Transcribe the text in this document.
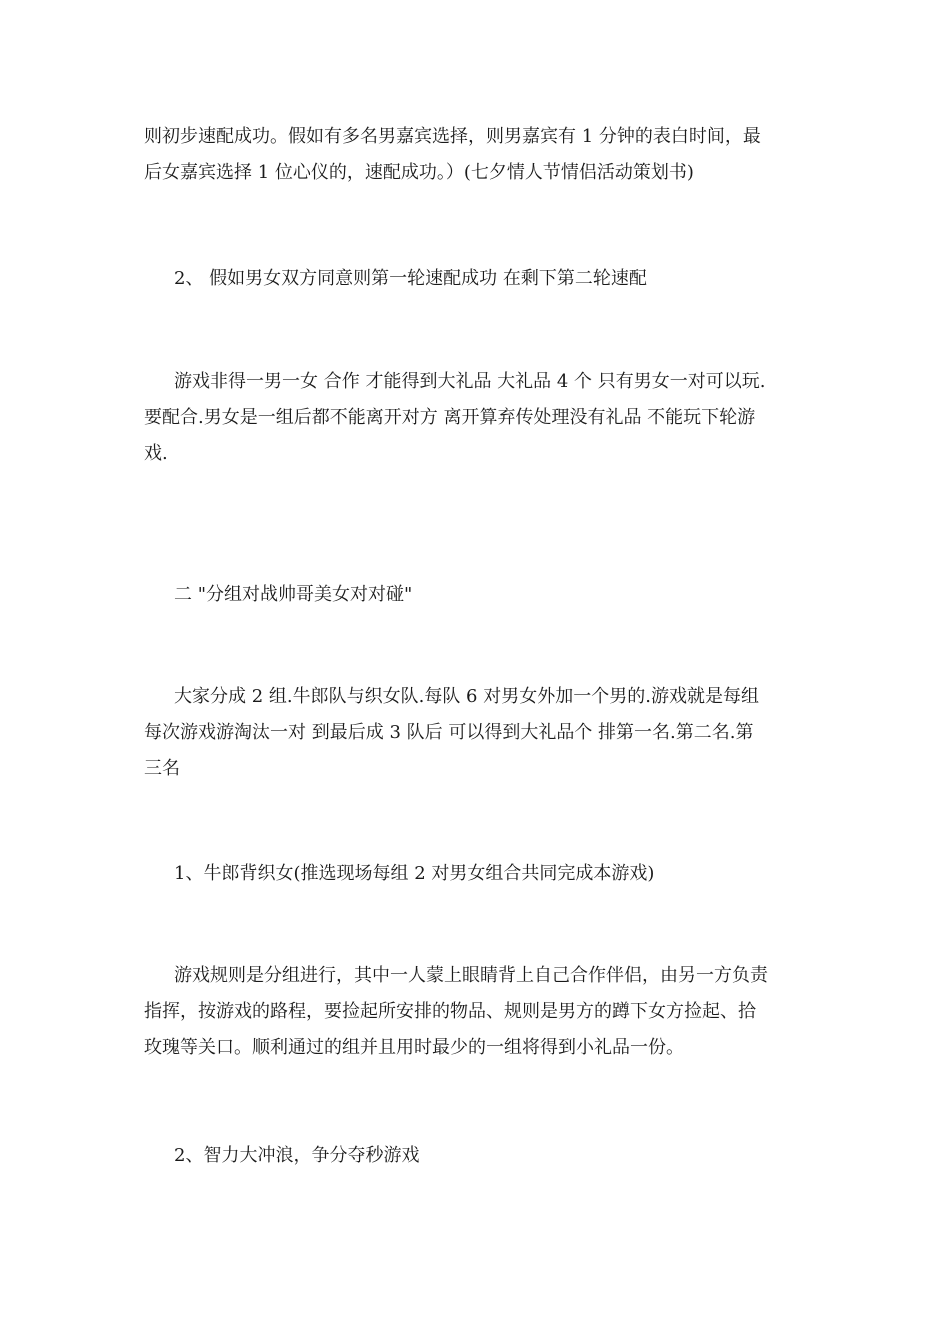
则初步速配成功。假如有多名男嘉宾选择，则男嘉宾有 1 分钟的表白时间，最
后女嘉宾选择 1 位心仪的，速配成功。）(七夕情人节情侣活动策划书)

2、 假如男女双方同意则第一轮速配成功 在剩下第二轮速配

游戏非得一男一女 合作 才能得到大礼品 大礼品 4 个 只有男女一对可以玩.
要配合.男女是一组后都不能离开对方 离开算弃传处理没有礼品 不能玩下轮游
戏.

二 "分组对战帅哥美女对对碰"

大家分成 2 组.牛郎队与织女队.每队 6 对男女外加一个男的.游戏就是每组
每次游戏游淘汰一对 到最后成 3 队后 可以得到大礼品个 排第一名.第二名.第
三名

1、牛郎背织女(推选现场每组 2 对男女组合共同完成本游戏)

游戏规则是分组进行，其中一人蒙上眼睛背上自己合作伴侣，由另一方负责
指挥，按游戏的路程，要捡起所安排的物品、规则是男方的蹲下女方捡起、拾
玫瑰等关口。顺利通过的组并且用时最少的一组将得到小礼品一份。

2、智力大冲浪，争分夺秒游戏
